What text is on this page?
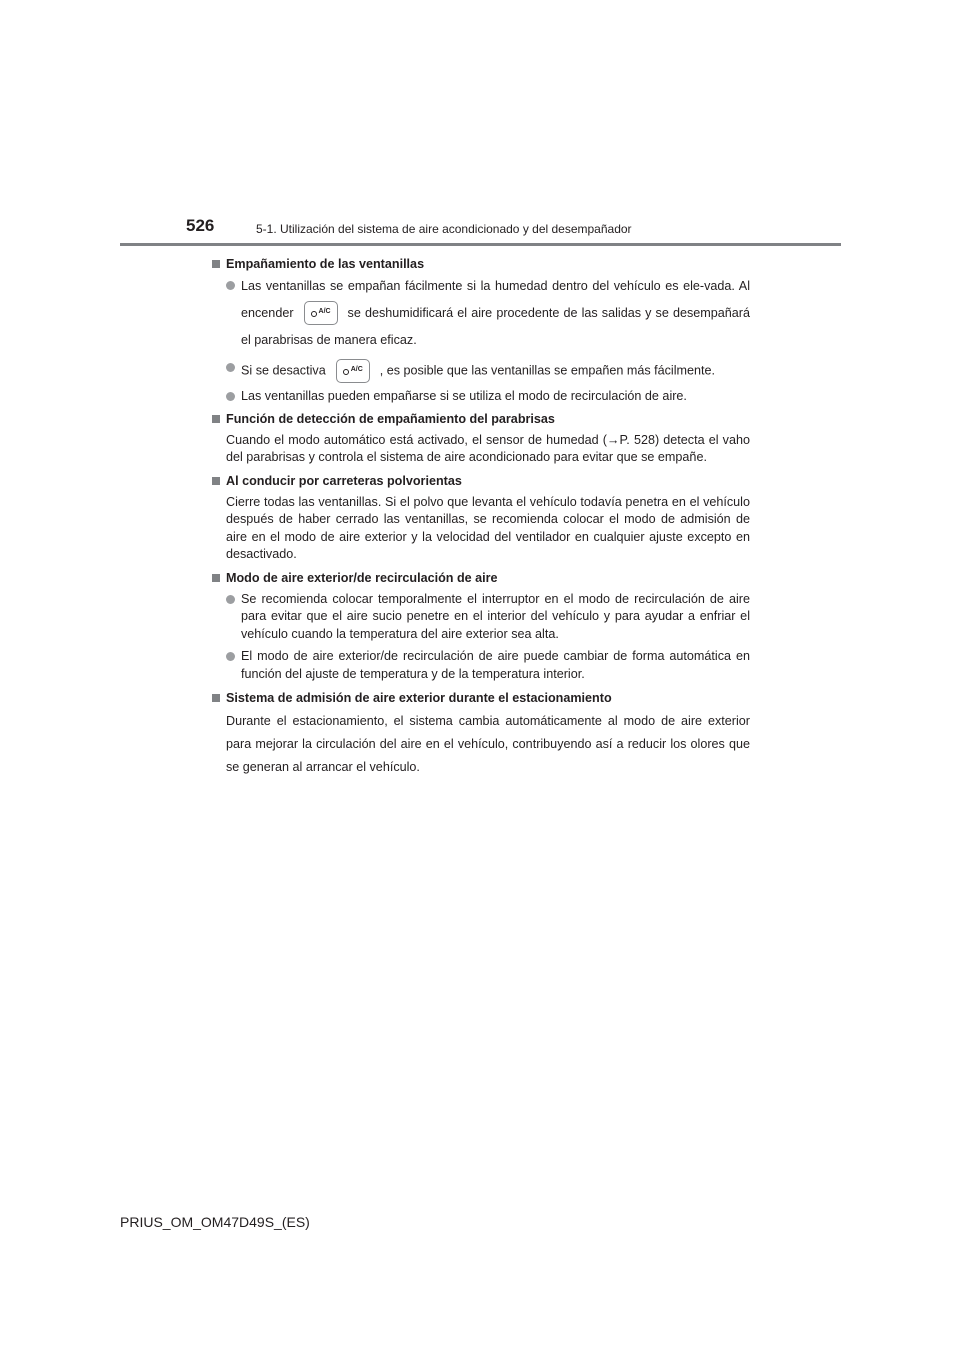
526	5-1. Utilización del sistema de aire acondicionado y del desempañador
Empañamiento de las ventanillas
Las ventanillas se empañan fácilmente si la humedad dentro del vehículo es ele-vada. Al encender	A/C se deshumidificará el aire procedente de las salidas y se desempañará el parabrisas de manera eficaz.
Si se desactiva	A/C , es posible que las ventanillas se empañen más fácilmente.
Las ventanillas pueden empañarse si se utiliza el modo de recirculación de aire.
Función de detección de empañamiento del parabrisas
Cuando el modo automático está activado, el sensor de humedad (→P. 528) detecta el vaho del parabrisas y controla el sistema de aire acondicionado para evitar que se empañe.
Al conducir por carreteras polvorientas
Cierre todas las ventanillas. Si el polvo que levanta el vehículo todavía penetra en el vehículo después de haber cerrado las ventanillas, se recomienda colocar el modo de admisión de aire en el modo de aire exterior y la velocidad del ventilador en cualquier ajuste excepto en desactivado.
Modo de aire exterior/de recirculación de aire
Se recomienda colocar temporalmente el interruptor en el modo de recirculación de aire para evitar que el aire sucio penetre en el interior del vehículo y para ayudar a enfriar el vehículo cuando la temperatura del aire exterior sea alta.
El modo de aire exterior/de recirculación de aire puede cambiar de forma automática en función del ajuste de temperatura y de la temperatura interior.
Sistema de admisión de aire exterior durante el estacionamiento
Durante el estacionamiento, el sistema cambia automáticamente al modo de aire exterior para mejorar la circulación del aire en el vehículo, contribuyendo así a reducir los olores que se generan al arrancar el vehículo.
PRIUS_OM_OM47D49S_(ES)
